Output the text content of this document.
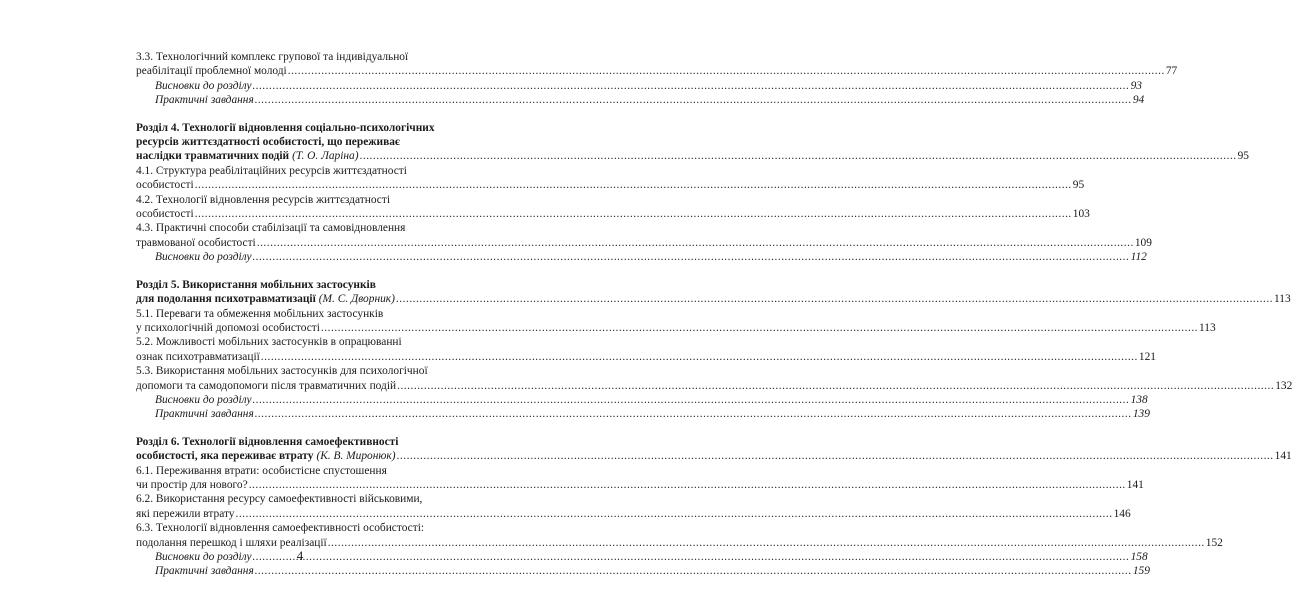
3.3. Технологічний комплекс групової та індивідуальної
реабілітації проблемної молоді .....	77
Висновки до розділу .....	93
Практичні завдання .....	94
Розділ 4. Технології відновлення соціально-психологічних
ресурсів життєздатності особистості, що переживає
наслідки травматичних подій (Т. О. Ларіна) .....	95
4.1. Структура реабілітаційних ресурсів життєздатності
особистості .....	95
4.2. Технології відновлення ресурсів життєздатності
особистості .....	103
4.3. Практичні способи стабілізації та самовідновлення
травмованої особистості .....	109
Висновки до розділу .....	112
Розділ 5. Використання мобільних застосунків
для подолання психотравматизації (М. С. Дворник) .....	113
5.1. Переваги та обмеження мобільних застосунків
у психологічній допомозі особистості .....	113
5.2. Можливості мобільних застосунків в опрацюванні
ознак психотравматизації .....	121
5.3. Використання мобільних застосунків для психологічної
допомоги та самодопомоги після травматичних подій .....	132
Висновки до розділу .....	138
Практичні завдання .....	139
Розділ 6. Технології відновлення самоефективності
особистості, яка переживає втрату (К. В. Миронюк) .....	141
6.1. Переживання втрати: особистісне спустошення
чи простір для нового? .....	141
6.2. Використання ресурсу самоефективності військовими,
які пережили втрату .....	146
6.3. Технології відновлення самоефективності особистості:
подолання перешкод і шляхи реалізації .....	152
Висновки до розділу .....	158
Практичні завдання .....	159
4
